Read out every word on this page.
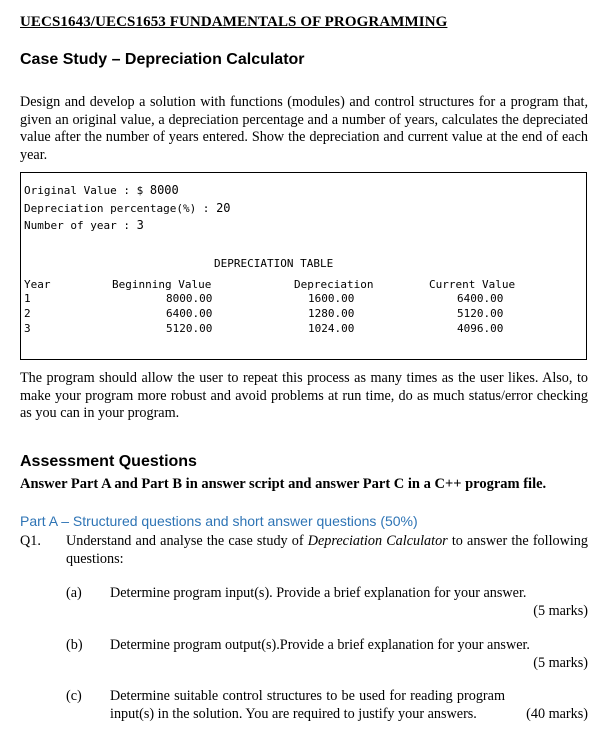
UECS1643/UECS1653 FUNDAMENTALS OF PROGRAMMING
Case Study – Depreciation Calculator
Design and develop a solution with functions (modules) and control structures for a program that, given an original value, a depreciation percentage and a number of years, calculates the depreciated value after the number of years entered. Show the depreciation and current value at the end of each year.
Original Value : $ 8000
Depreciation percentage(%) : 20
Number of year : 3
DEPRECIATION TABLE
Year	Beginning Value	Depreciation	Current Value
1	8000.00	1600.00	6400.00
2	6400.00	1280.00	5120.00
3	5120.00	1024.00	4096.00
The program should allow the user to repeat this process as many times as the user likes. Also, to make your program more robust and avoid problems at run time, do as much status/error checking as you can in your program.
Assessment Questions
Answer Part A and Part B in answer script and answer Part C in a C++ program file.
Part A – Structured questions and short answer questions (50%)
Q1. Understand and analyse the case study of Depreciation Calculator to answer the following questions:
(a) Determine program input(s). Provide a brief explanation for your answer.
(5 marks)
(b) Determine program output(s).Provide a brief explanation for your answer.
(5 marks)
(c) Determine suitable control structures to be used for reading program input(s) in the solution. You are required to justify your answers.	(40 marks)
